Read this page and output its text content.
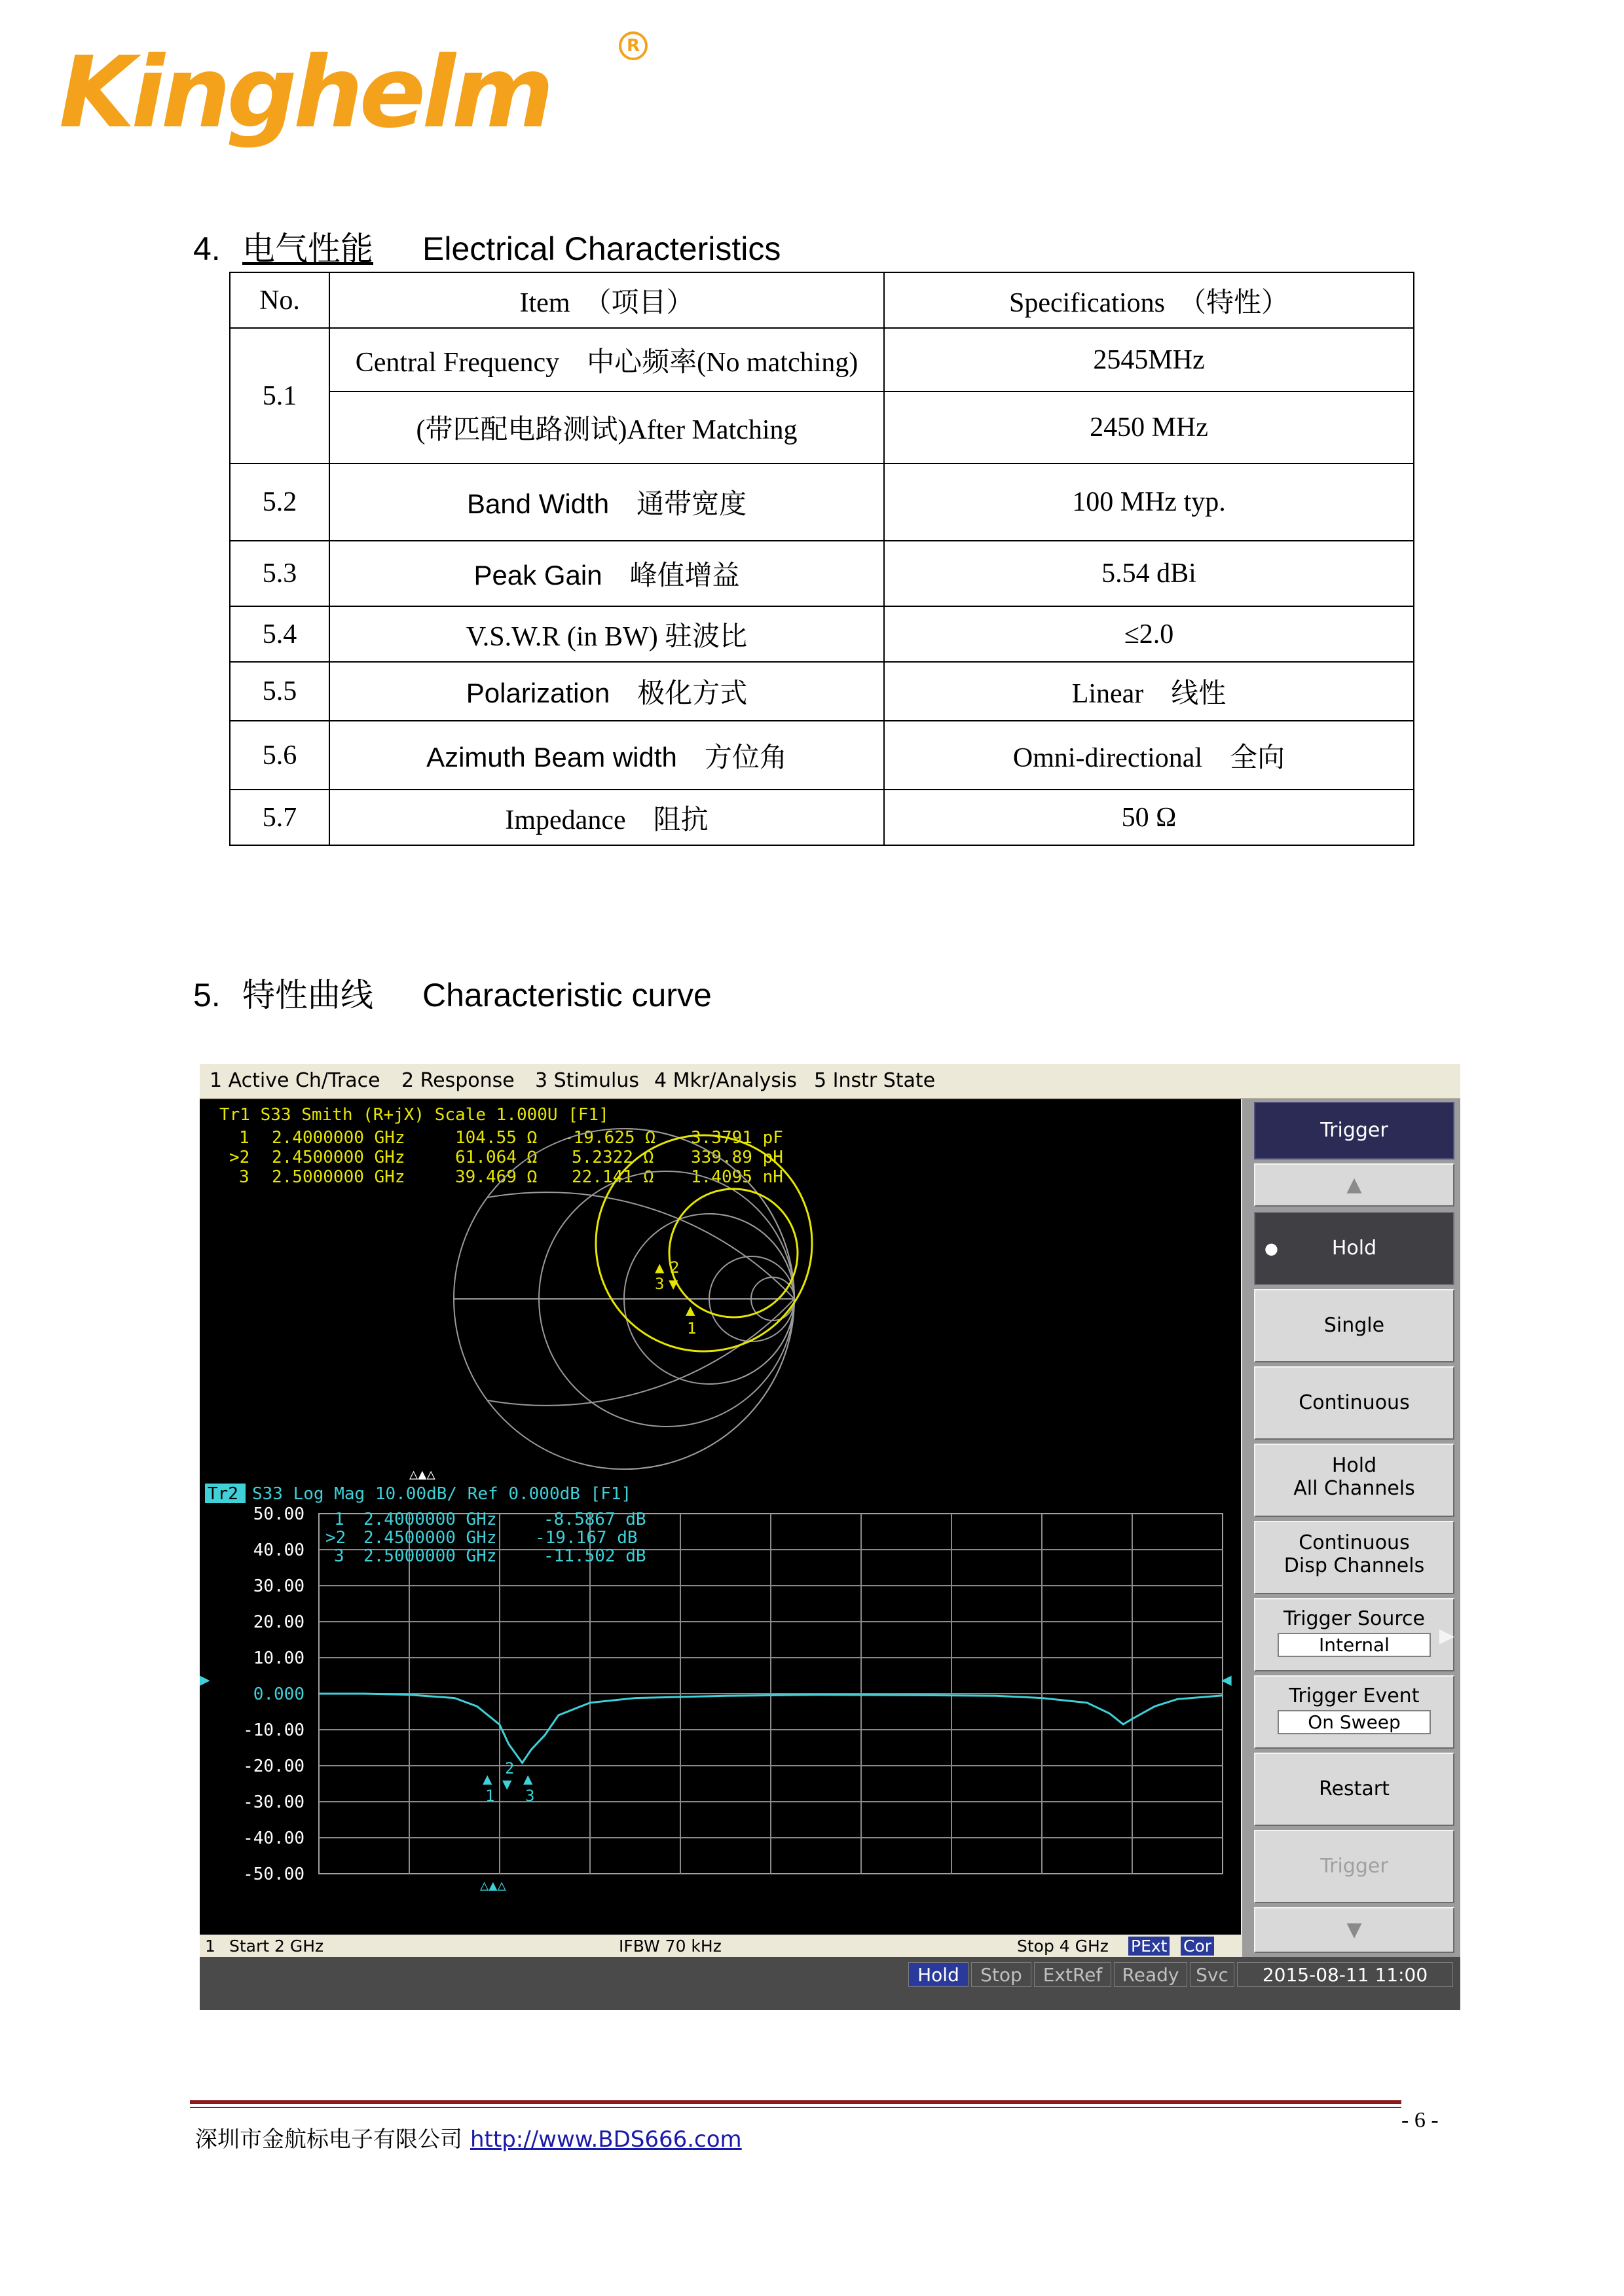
Kinghelm	R
4. 电气性能 Electrical Characteristics
No.	Item　（项目）	Specifications　（特性）
5.1	Central Frequency　中心频率(No matching)	2545MHz
	(带匹配电路测试)After Matching	2450 MHz
5.2	Band Width　通带宽度	100 MHz typ.
5.3	Peak Gain　峰值增益	5.54 dBi
5.4	V.S.W.R (in BW) 驻波比	≤2.0
5.5	Polarization　极化方式	Linear　线性
5.6	Azimuth Beam width　方位角	Omni-directional　全向
5.7	Impedance　阻抗	50 Ω
5. 特性曲线 Characteristic curve
1 Active Ch/Trace 2 Response 3 Stimulus 4 Mkr/Analysis 5 Instr State
Tr1 S33 Smith (R+jX) Scale 1.000U [F1]
1 2.4000000 GHz	104.55 Ω -19.625 Ω 3.3791 pF
>2 2.4500000 GHz	61.064 Ω 5.2322 Ω 339.89 pH
3 2.5000000 GHz	39.469 Ω 22.141 Ω 1.4095 nH
▲
1
▲
3
2
▼
△▲△
Tr2 S33 Log Mag 10.00dB/ Ref 0.000dB [F1]
50.00
40.00
30.00
20.00
10.00
0.000
-10.00
-20.00
-30.00
-40.00
-50.00
1 2.4000000 GHz	-8.5867 dB
>2 2.4500000 GHz -19.167 dB
3 2.5000000 GHz	-11.502 dB
▲
1
2
▼ ▲
3
◀
▶
△▲△
1 Start 2 GHz	IFBW 70 kHz	Stop 4 GHz PExt Cor
Trigger
▲
●	Hold
Single
Continuous
Hold
All Channels
Continuous
Disp Channels
Trigger Source
Internal	▶
Trigger Event
On Sweep
Restart
Trigger
▼
Hold	Stop	ExtRef	Ready Svc	2015-08-11 11:00
深圳市金航标电子有限公司 http://www.BDS666.com
- 6 -
